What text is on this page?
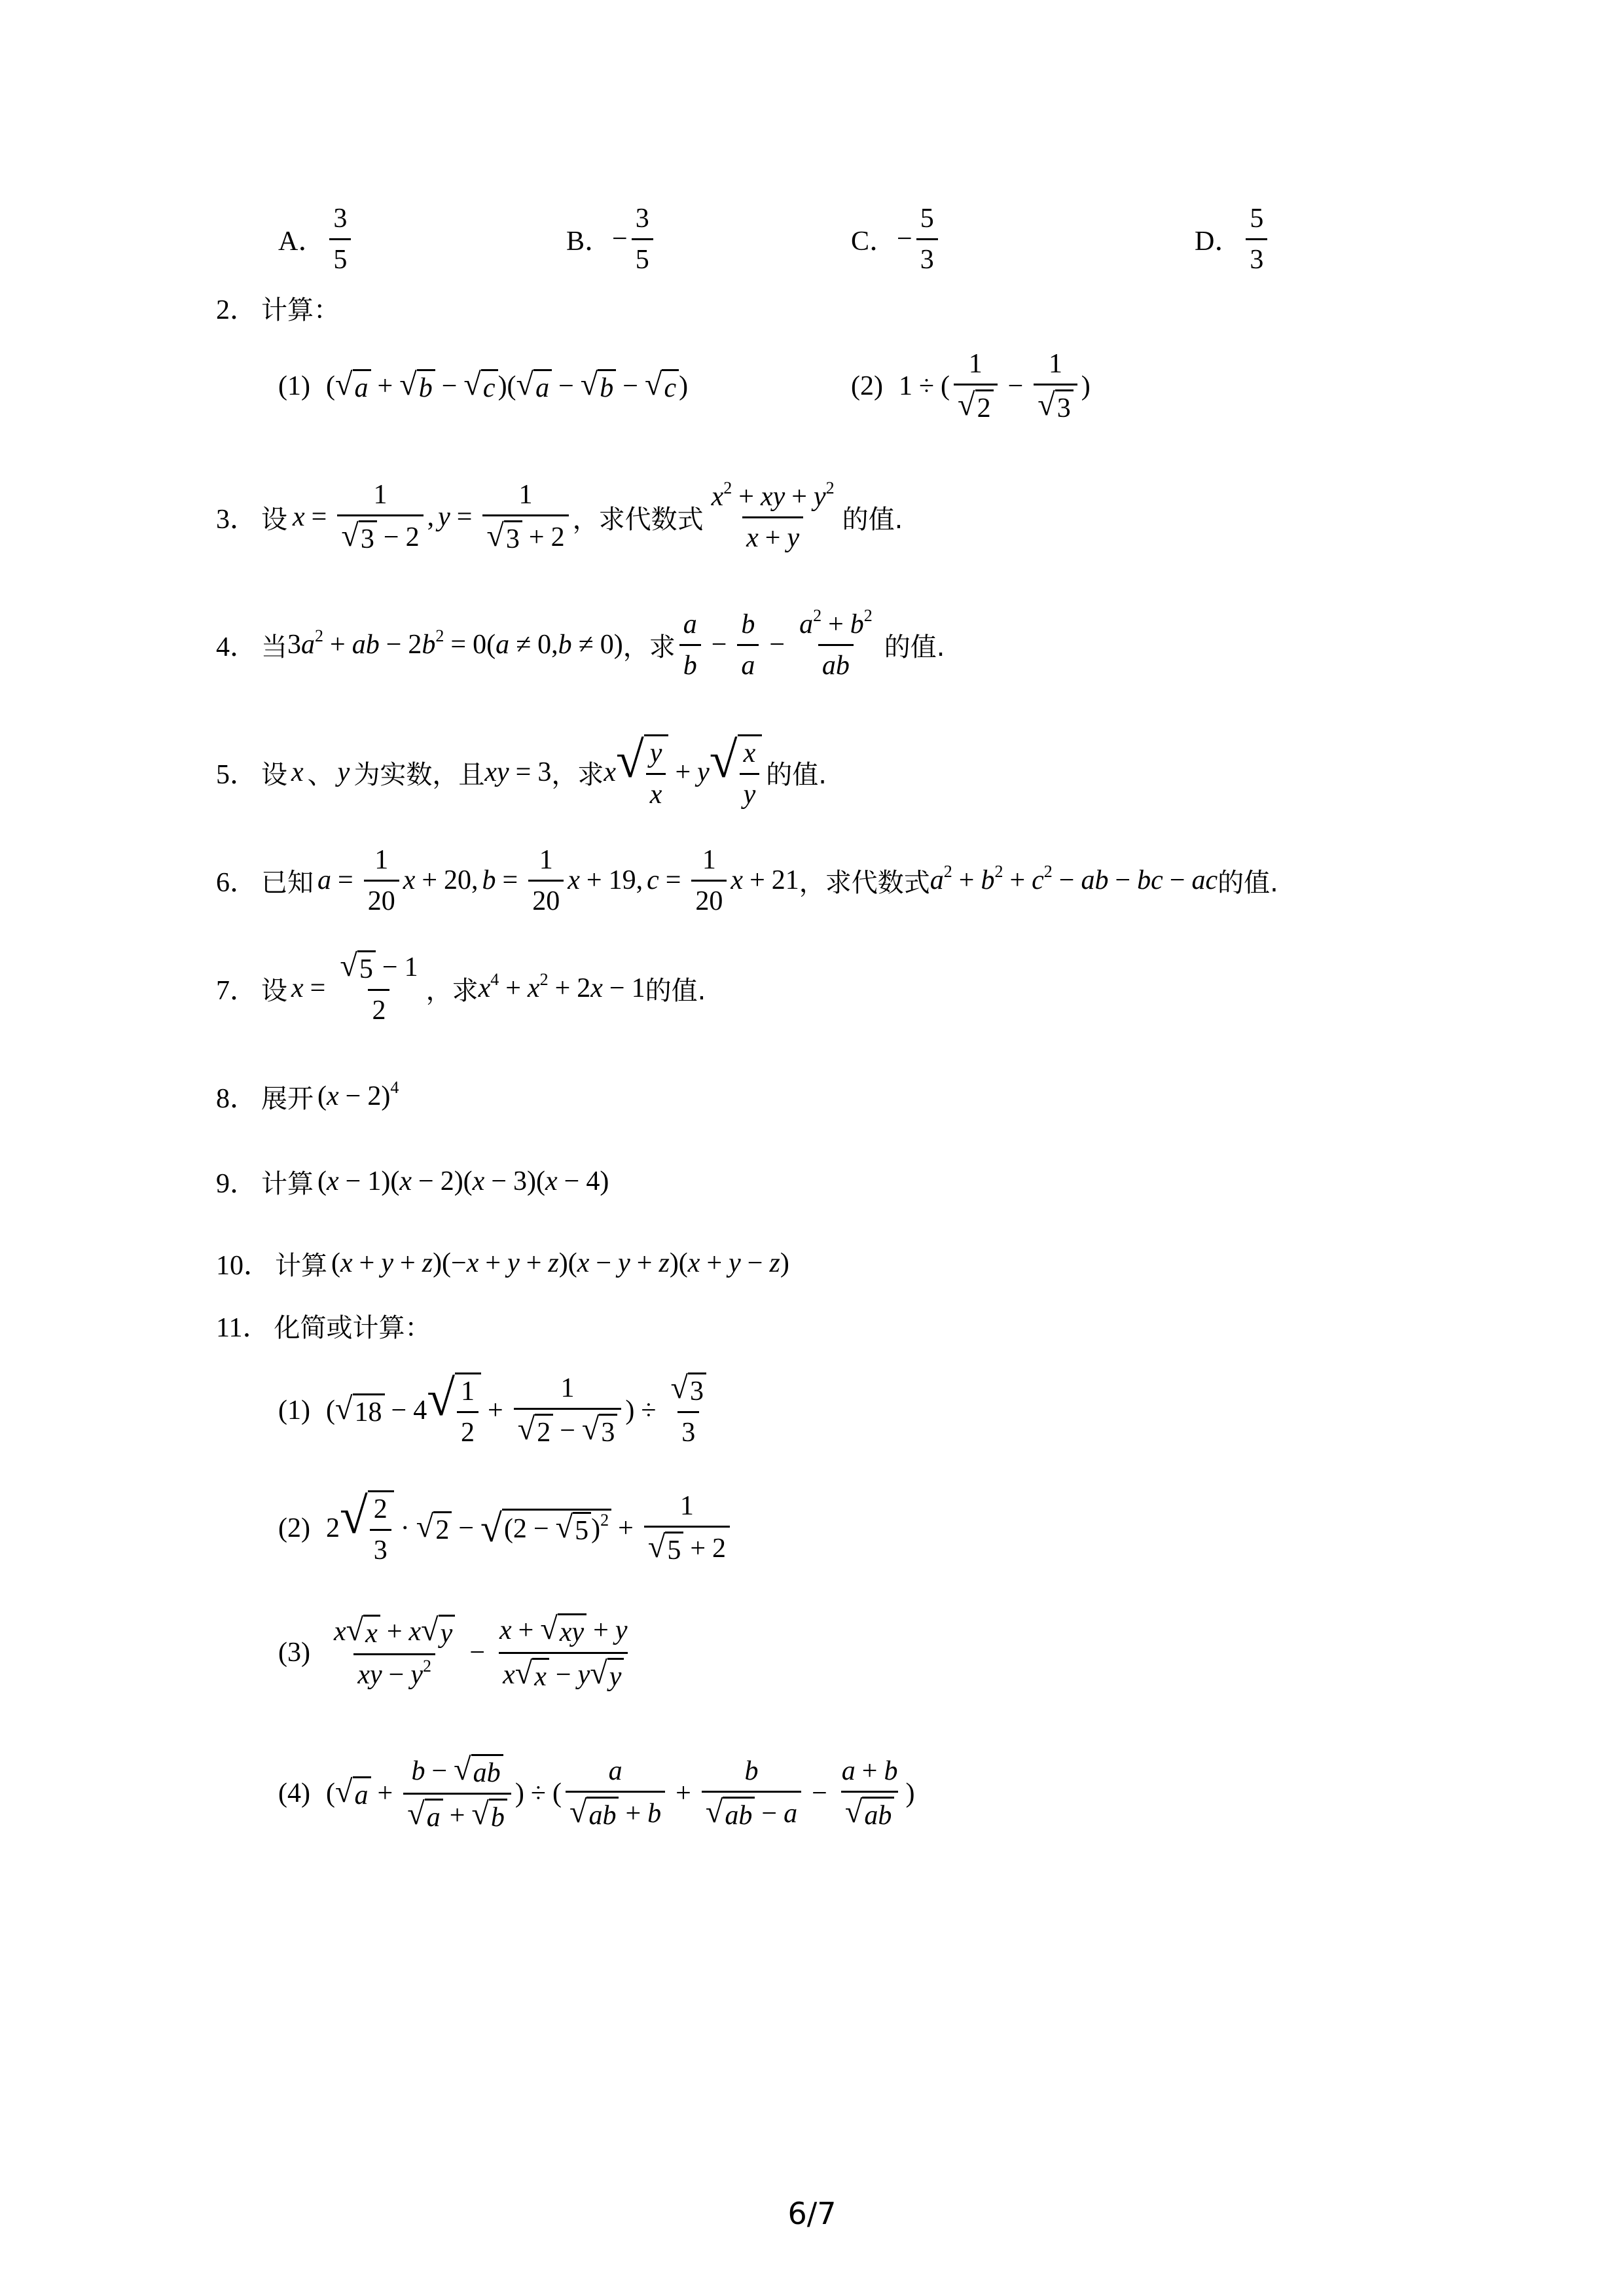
A． $\frac{3}{5}$	B． − $\frac{3}{5}$	C． − $\frac{5}{3}$	D． $\frac{5}{3}$
2． 计算：
(1) ( √ a + √ b − √ c )( √ a − √ b − √ c )	(2) 1 ÷ ( $\frac{1}{√ 2} - \frac{1}{√ 3}$ )
3． 设 $x = \frac{1}{√ 3 - 2}$ , $y = \frac{1}{√ 3 + 2}$ ，求代数式 $\frac{x^2 + xy + y^2}{x + y}$ 的值.
4． 当 $3a^2$ + ab − $2b^2 = 0(a \ne 0,b \ne 0)$ ，求 $\frac{a}{b} - \frac{b}{a} - \frac{a^2 + b^2}{ab}$ 的值.
5． 设 x 、 y 为实数，且 xy = 3 ，求 x √ $\frac{y}{x} + y$ √ $\frac{x}{y}$ 的值.
6． 已知 $a = \frac{1}{20}$ x + 20, $b = \frac{1}{20}$ x + 19, $c = \frac{1}{20}$ x + 21 ，求代数式 $a^2 + b^2 + c^2$ − ab − bc − ac 的值.
7． 设 $x = \frac{√ 5 - 1}{2}$ ，求 $x^4 + x^2 + 2x - 1$ 的值.
8． 展开 $(x - 2)^4$
9． 计算 (x − 1)(x − 2)(x − 3)(x − 4)
10． 计算 (x + y + z)(−x + y + z)(x − y + z)(x + y − z)
11． 化简或计算：
(1) ( √ 18 − 4 √ $\frac{1}{2} + \frac{1}{√ 2 - √ 3}$ ) ÷ $\frac{√ 3}{3}$
(2) 2 √ $\frac{2}{3}$ · √ 2 − √ (2 − √ 5 )$^2 + \frac{1}{√ 5 + 2}$
$(3) \frac{x √ x + x √ y}{xy - y^2} - \frac{x + √ xy + y}{x √ x - y √ y}$
(4) ( √ $a + \frac{b - √ ab}{√ a + √ b}$ ) ÷ ( $\frac{a}{√ ab + b} + \frac{b}{√ ab - a} - \frac{a + b}{√ ab}$ )
6/7
